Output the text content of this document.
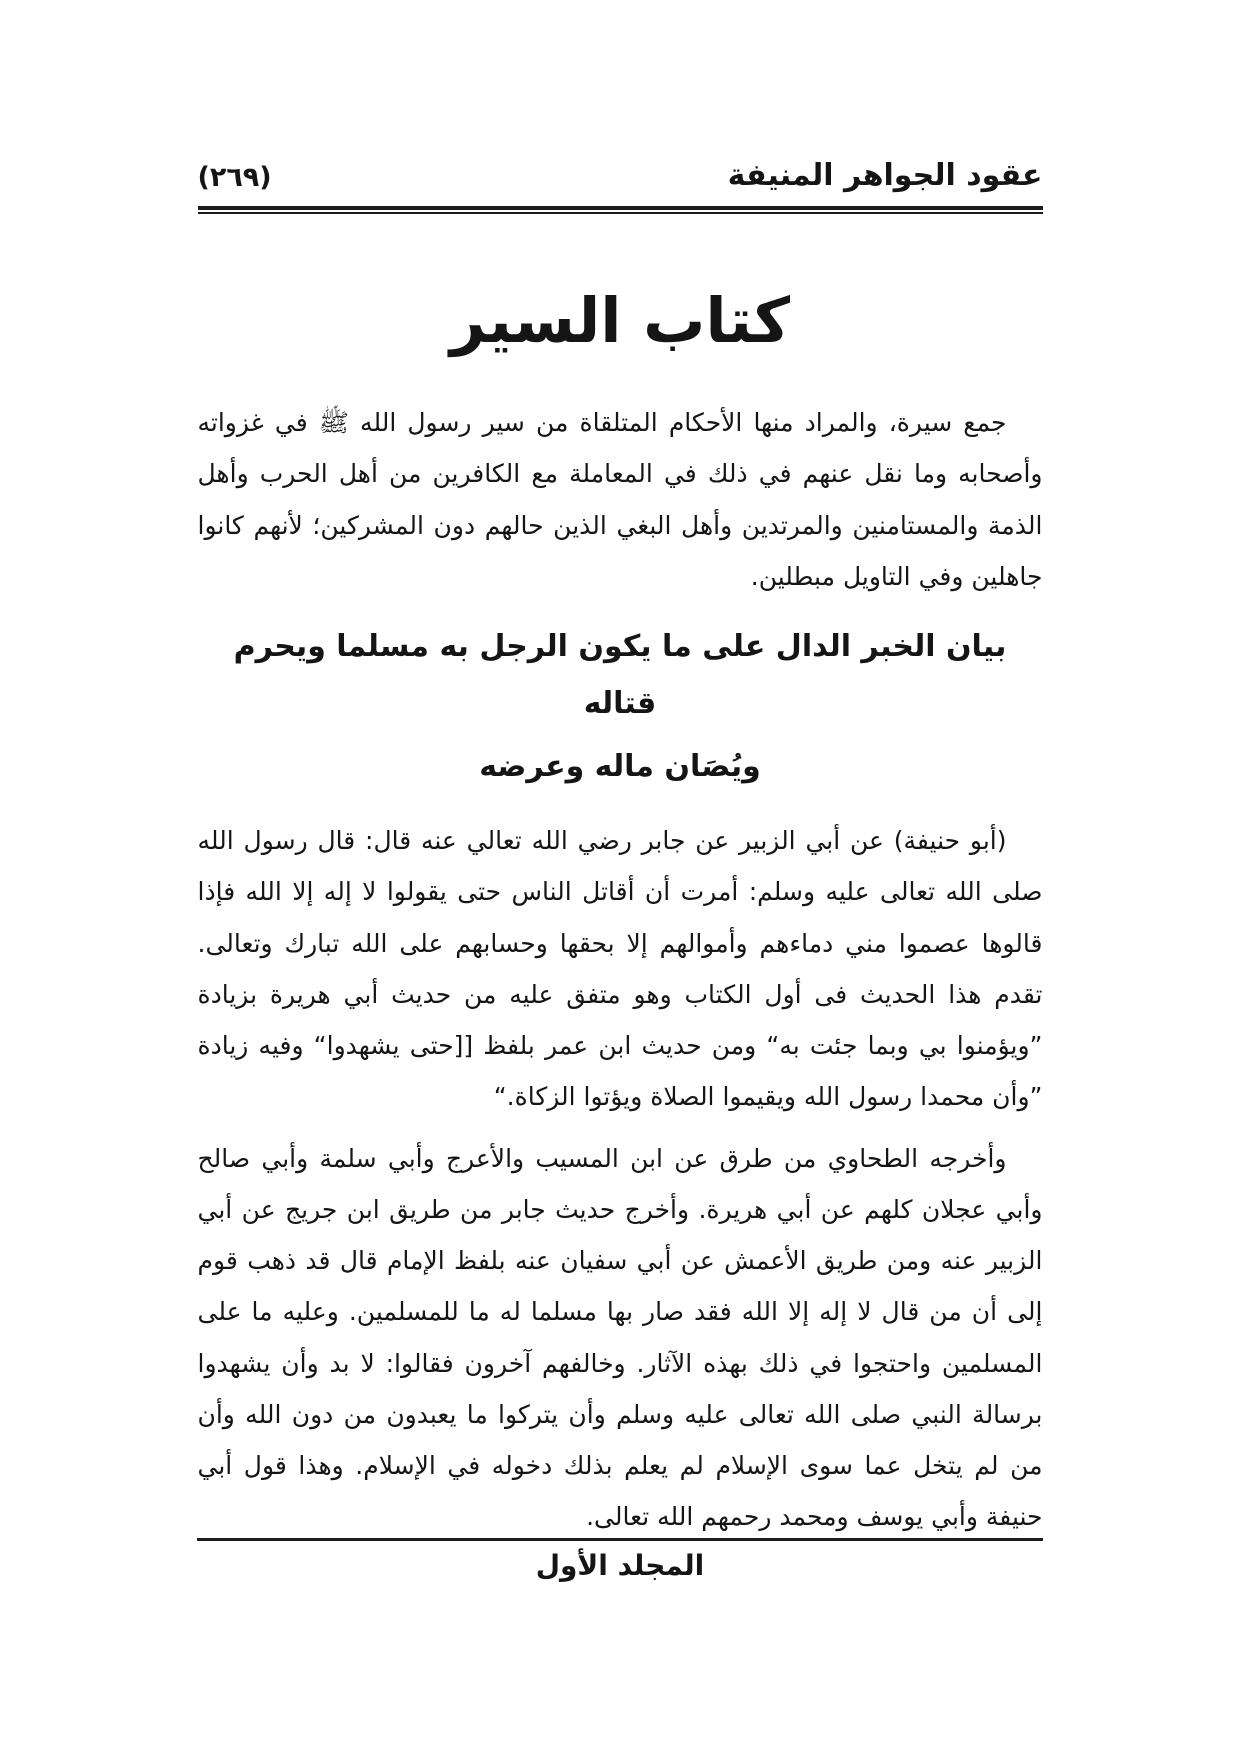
عقود الجواهر المنيفة
(٢٦٩)
كتاب السير

جمع سيرة، والمراد منها الأحكام المتلقاة من سير رسول الله ﷺ في غزواته وأصحابه وما نقل عنهم في ذلك في المعاملة مع الكافرين من أهل الحرب وأهل الذمة والمستامنين والمرتدين وأهل البغي الذين حالهم دون المشركين؛ لأنهم كانوا جاهلين وفي التاويل مبطلين.

بيان الخبر الدال على ما يكون الرجل به مسلما ويحرم قتاله
ويُصَان ماله وعرضه

(أبو حنيفة) عن أبي الزبير عن جابر رضي الله تعالي عنه قال: قال رسول الله صلى الله تعالى عليه وسلم: أمرت أن أقاتل الناس حتى يقولوا لا إله إلا الله فإذا قالوها عصموا مني دماءهم وأموالهم إلا بحقها وحسابهم على الله تبارك وتعالى. تقدم هذا الحديث فى أول الكتاب وهو متفق عليه من حديث أبي هريرة بزيادة ”ويؤمنوا بي وبما جئت به“ ومن حديث ابن عمر بلفظ [[حتى يشهدوا“ وفيه زيادة ”وأن محمدا رسول الله ويقيموا الصلاة ويؤتوا الزكاة.“

وأخرجه الطحاوي من طرق عن ابن المسيب والأعرج وأبي سلمة وأبي صالح وأبي عجلان كلهم عن أبي هريرة. وأخرج حديث جابر من طريق ابن جريج عن أبي الزبير عنه ومن طريق الأعمش عن أبي سفيان عنه بلفظ الإمام قال قد ذهب قوم إلى أن من قال لا إله إلا الله فقد صار بها مسلما له ما للمسلمين. وعليه ما على المسلمين واحتجوا في ذلك بهذه الآثار. وخالفهم آخرون فقالوا: لا بد وأن يشهدوا برسالة النبي صلى الله تعالى عليه وسلم وأن يتركوا ما يعبدون من دون الله وأن من لم يتخل عما سوى الإسلام لم يعلم بذلك دخوله في الإسلام. وهذا قول أبي حنيفة وأبي يوسف ومحمد رحمهم الله تعالى.

المجلد الأول
